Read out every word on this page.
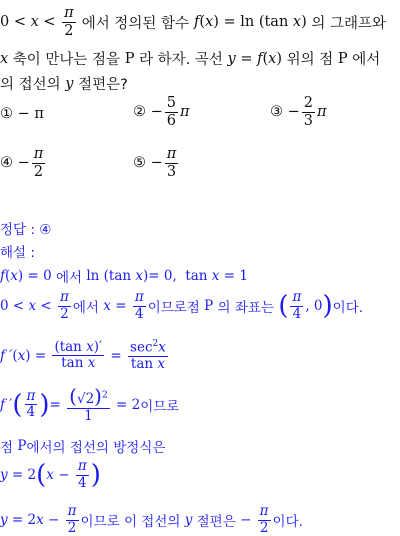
$0 < x < \frac{\pi}{2}$ 에서 정의된 함수 f ( x ) = ln (tan x ) 의 그래프와
x
축이 만나는 점을
P
라 하자. 곡선
y = f ( x )
위의 점
P
에서
의 접선의
y
절편은?
①
− π	②
− $\frac{5}{6}$ π	③
− $\frac{2}{3}$ π
④
− $\frac{\pi}{2}$	⑤
− $\frac{\pi}{3}$
정답 : ④
해설 :
f ( x ) = 0
에서
ln (tan x )= 0,  tan x = 1
$0 < x < \frac{\pi}{2}$ 에서
$x = \frac{\pi}{4}$ 이므로점
P
의 좌표는
( $\frac{\pi}{4}$ , 0 ) 이다.
f ′ ( x ) = $\frac{\text{(tan x)′}}{\text{tan x}} = \frac{\sec^2x}{\text{tan x}}$
f ′ ( $\frac{\pi}{4}$ ) = $\frac{(√2)^2}{1} = 2$ 이므로
점
P 에서의 접선의 방정식은
y = 2 ( $x - \frac{\pi}{4}$ )
y = 2 $x - \frac{\pi}{2}$ 이므로 이 접선의
y
절편은
− $\frac{\pi}{2}$ 이다.
